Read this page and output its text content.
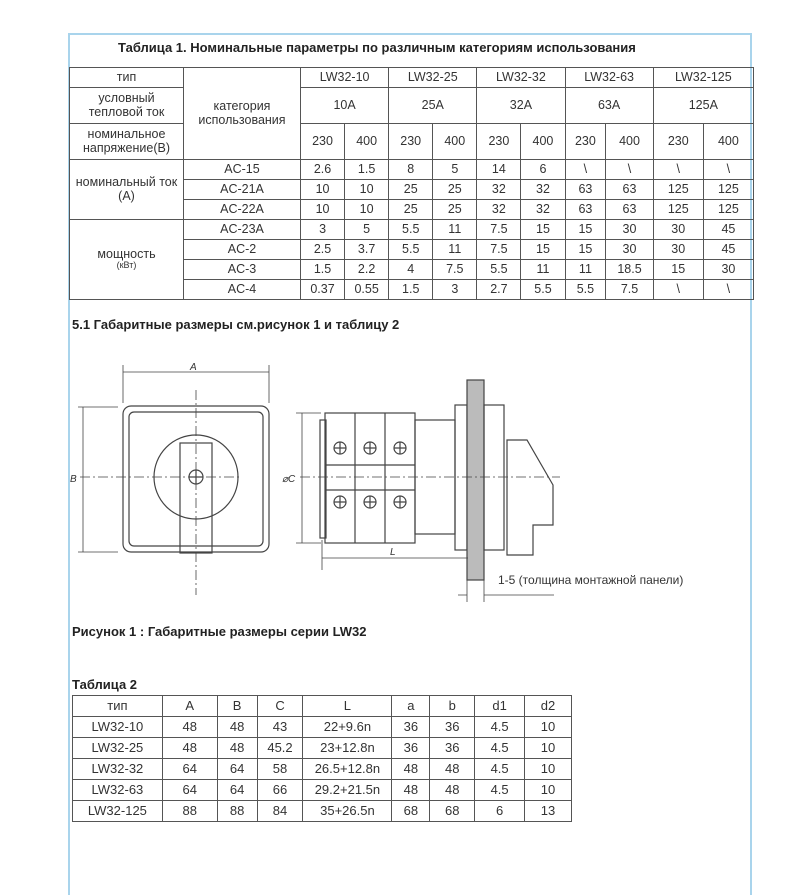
Таблица 1. Номинальные параметры по различным категориям использования
тип	категория использования	LW32-10		LW32-25		LW32-32		LW32-63		LW32-125	
условный тепловой ток		10A		25A		32A		63A		125A	
номинальное напряжение(В)		230	400	230	400	230	400	230	400	230	400
номинальный ток (А)	AC-15	2.6	1.5	8	5	14	6	\	\	\	\
	AC-21A	10	10	25	25	32	32	63	63	125	125
	AC-22A	10	10	25	25	32	32	63	63	125	125

мощность
(кВт)	AC-23A	3	5	5.5	11	7.5	15	15	30	30	45
	AC-2	2.5	3.7	5.5	11	7.5	15	15	30	30	45
	AC-3	1.5	2.2	4	7.5	5.5	11	11	18.5	15	30
	AC-4	0.37	0.55	1.5	3	2.7	5.5	5.5	7.5	\	\
5.1 Габаритные размеры см.рисунок 1 и таблицу 2
A
B	⌀C
L
1-5 (толщина монтажной панели)
Рисунок 1 : Габаритные размеры серии LW32
Таблица 2
тип	A	B	C	L	a	b	d1	d2
LW32-10	48	48	43	22+9.6n	36	36	4.5	10
LW32-25	48	48	45.2	23+12.8n	36	36	4.5	10
LW32-32	64	64	58	26.5+12.8n	48	48	4.5	10
LW32-63	64	64	66	29.2+21.5n	48	48	4.5	10
LW32-125	88	88	84	35+26.5n	68	68	6	13
